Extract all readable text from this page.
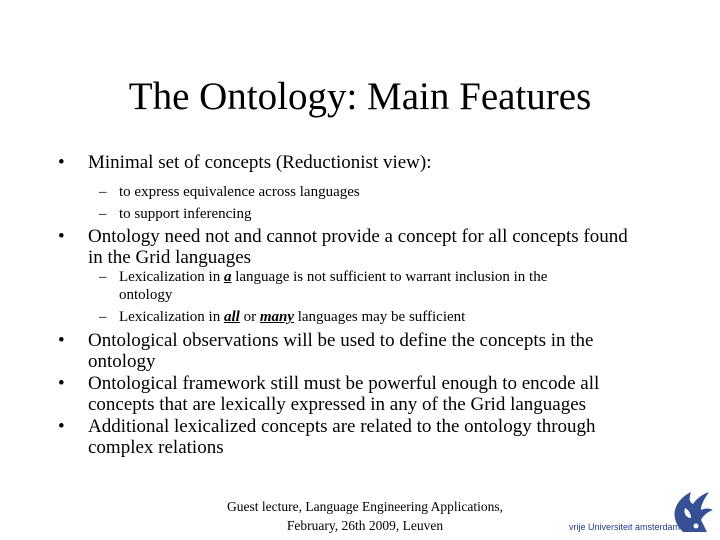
The Ontology: Main Features
• Minimal set of concepts (Reductionist view):
– to express equivalence across languages
– to support inferencing
• Ontology need not and cannot provide a concept for all concepts found
in the Grid languages
– Lexicalization in a language is not sufficient to warrant inclusion in the
ontology
– Lexicalization in all or many languages may be sufficient
• Ontological observations will be used to define the concepts in the
ontology
• Ontological framework still must be powerful enough to encode all
concepts that are lexically expressed in any of the Grid languages
• Additional lexicalized concepts are related to the ontology through
complex relations
Guest lecture, Language Engineering Applications,
February, 26th 2009, Leuven	vrije Universiteit amsterdam
